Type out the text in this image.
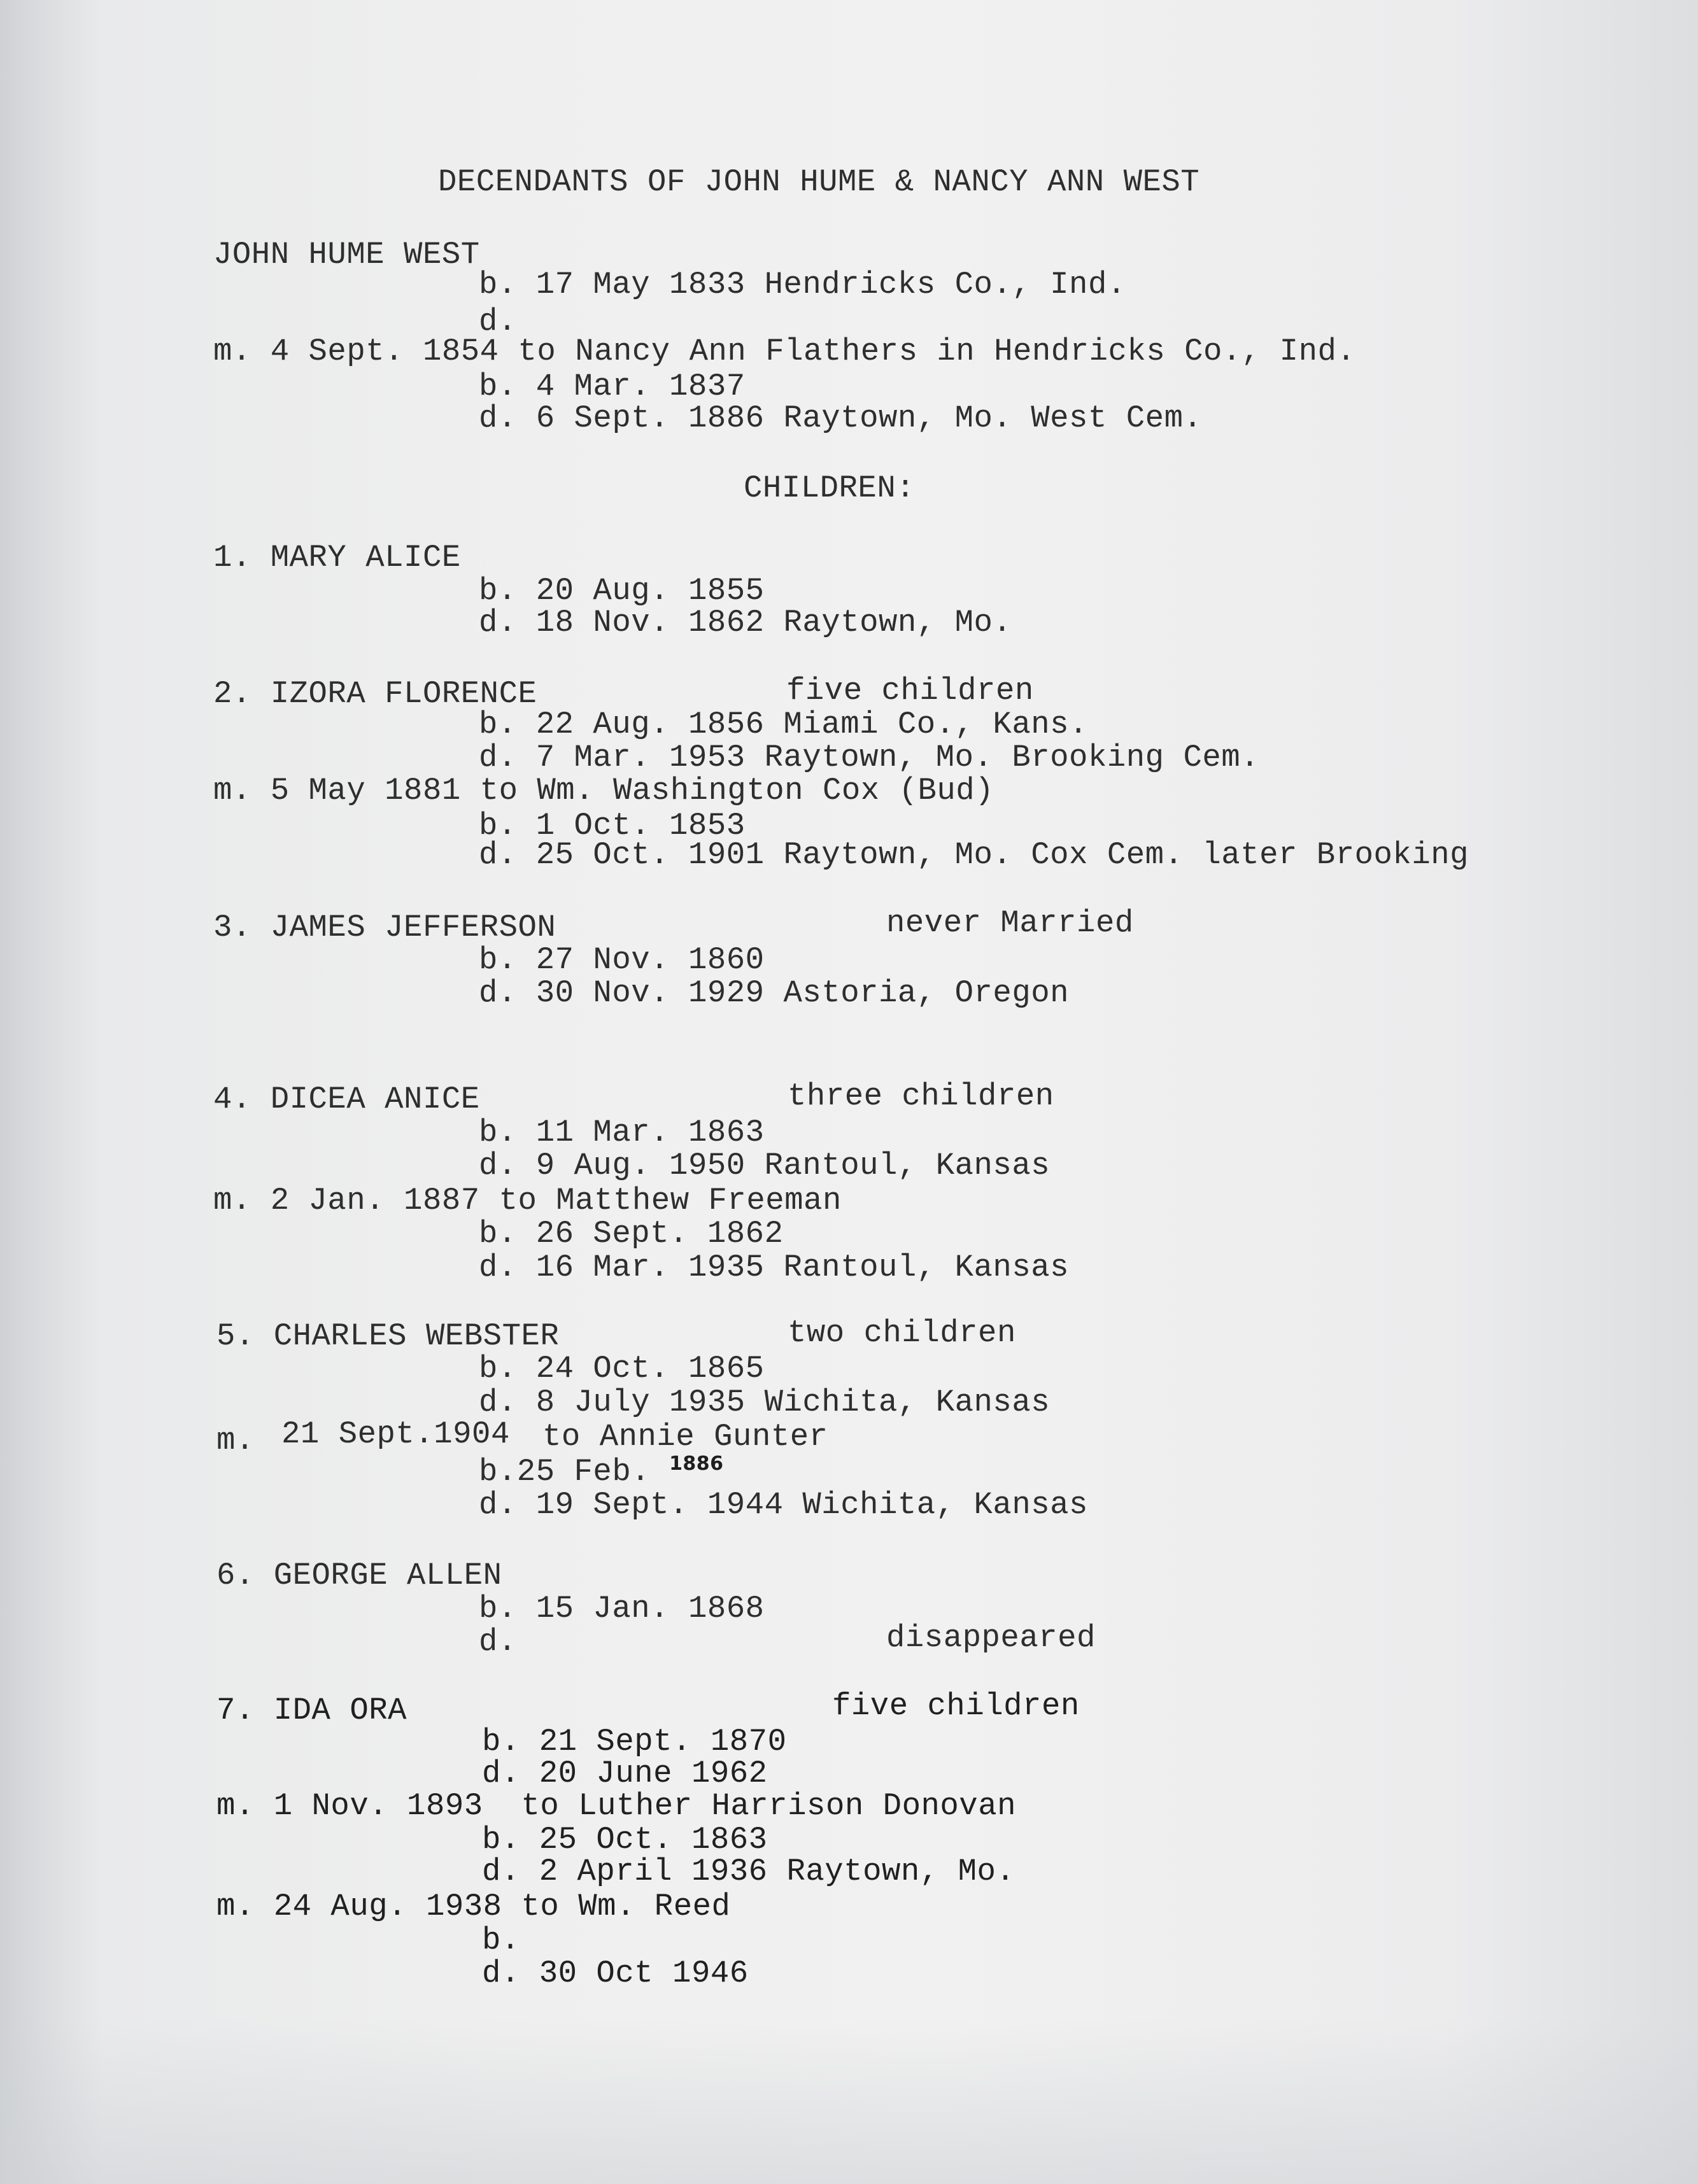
DECENDANTS OF JOHN HUME & NANCY ANN WEST
JOHN HUME WEST
b. 17 May 1833 Hendricks Co., Ind.
d.
m. 4 Sept. 1854 to Nancy Ann Flathers in Hendricks Co., Ind.
b. 4 Mar. 1837
d. 6 Sept. 1886 Raytown, Mo. West Cem.
CHILDREN:
1. MARY ALICE
b. 20 Aug. 1855
d. 18 Nov. 1862 Raytown, Mo.
2. IZORA FLORENCE	five children
b. 22 Aug. 1856 Miami Co., Kans.
d. 7 Mar. 1953 Raytown, Mo. Brooking Cem.
m. 5 May 1881 to Wm. Washington Cox (Bud)
b. 1 Oct. 1853
d. 25 Oct. 1901 Raytown, Mo. Cox Cem. later Brooking
3. JAMES JEFFERSON	never Married
b. 27 Nov. 1860
d. 30 Nov. 1929 Astoria, Oregon
4. DICEA ANICE	three children
b. 11 Mar. 1863
d. 9 Aug. 1950 Rantoul, Kansas
m. 2 Jan. 1887 to Matthew Freeman
b. 26 Sept. 1862
d. 16 Mar. 1935 Rantoul, Kansas
5. CHARLES WEBSTER	two children
b. 24 Oct. 1865
d. 8 July 1935 Wichita, Kansas
m. 21 Sept.1904 to Annie Gunter
b.25 Feb. $^{1886}$
d. 19 Sept. 1944 Wichita, Kansas
6. GEORGE ALLEN
b. 15 Jan. 1868
d.	disappeared
7. IDA ORA	five children
b. 21 Sept. 1870
d. 20 June 1962
m. 1 Nov. 1893  to Luther Harrison Donovan
b. 25 Oct. 1863
d. 2 April 1936 Raytown, Mo.
m. 24 Aug. 1938 to Wm. Reed
b.
d. 30 Oct 1946
